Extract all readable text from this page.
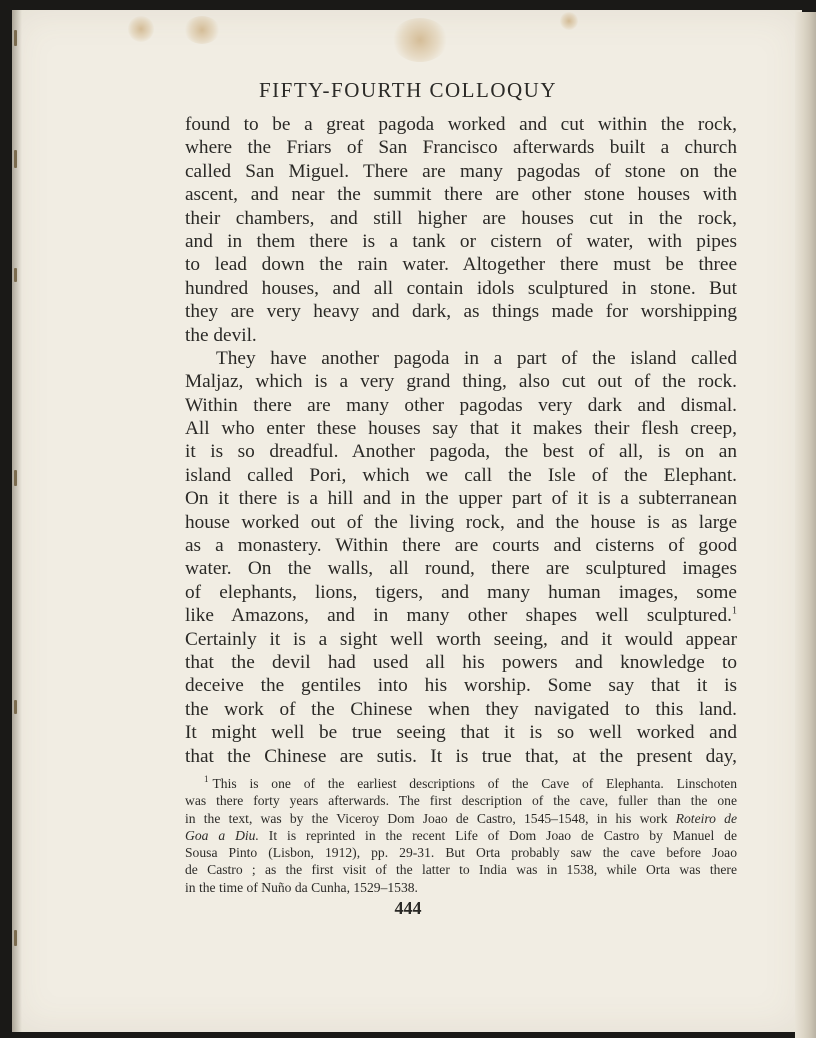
FIFTY-FOURTH COLLOQUY
found to be a great pagoda worked and cut within the rock,
where the Friars of San Francisco afterwards built a church
called San Miguel. There are many pagodas of stone on the
ascent, and near the summit there are other stone houses with
their chambers, and still higher are houses cut in the rock,
and in them there is a tank or cistern of water, with pipes
to lead down the rain water. Altogether there must be three
hundred houses, and all contain idols sculptured in stone. But
they are very heavy and dark, as things made for worshipping
the devil.
They have another pagoda in a part of the island called
Maljaz, which is a very grand thing, also cut out of the rock.
Within there are many other pagodas very dark and dismal.
All who enter these houses say that it makes their flesh creep,
it is so dreadful. Another pagoda, the best of all, is on an
island called Pori, which we call the Isle of the Elephant.
On it there is a hill and in the upper part of it is a subterranean
house worked out of the living rock, and the house is as large
as a monastery. Within there are courts and cisterns of good
water. On the walls, all round, there are sculptured images
of elephants, lions, tigers, and many human images, some
like Amazons, and in many other shapes well sculptured.$^1$
Certainly it is a sight well worth seeing, and it would appear
that the devil had used all his powers and knowledge to
deceive the gentiles into his worship. Some say that it is
the work of the Chinese when they navigated to this land.
It might well be true seeing that it is so well worked and
that the Chinese are sutis. It is true that, at the present day,
$^1$ This is one of the earliest descriptions of the Cave of Elephanta. Linschoten
was there forty years afterwards. The first description of the cave, fuller than the one
in the text, was by the Viceroy Dom Joao de Castro, 1545–1548, in his work Roteiro de
Goa a Diu. It is reprinted in the recent Life of Dom Joao de Castro by Manuel de
Sousa Pinto (Lisbon, 1912), pp. 29-31. But Orta probably saw the cave before Joao
de Castro ; as the first visit of the latter to India was in 1538, while Orta was there
in the time of Nuño da Cunha, 1529–1538.
444
